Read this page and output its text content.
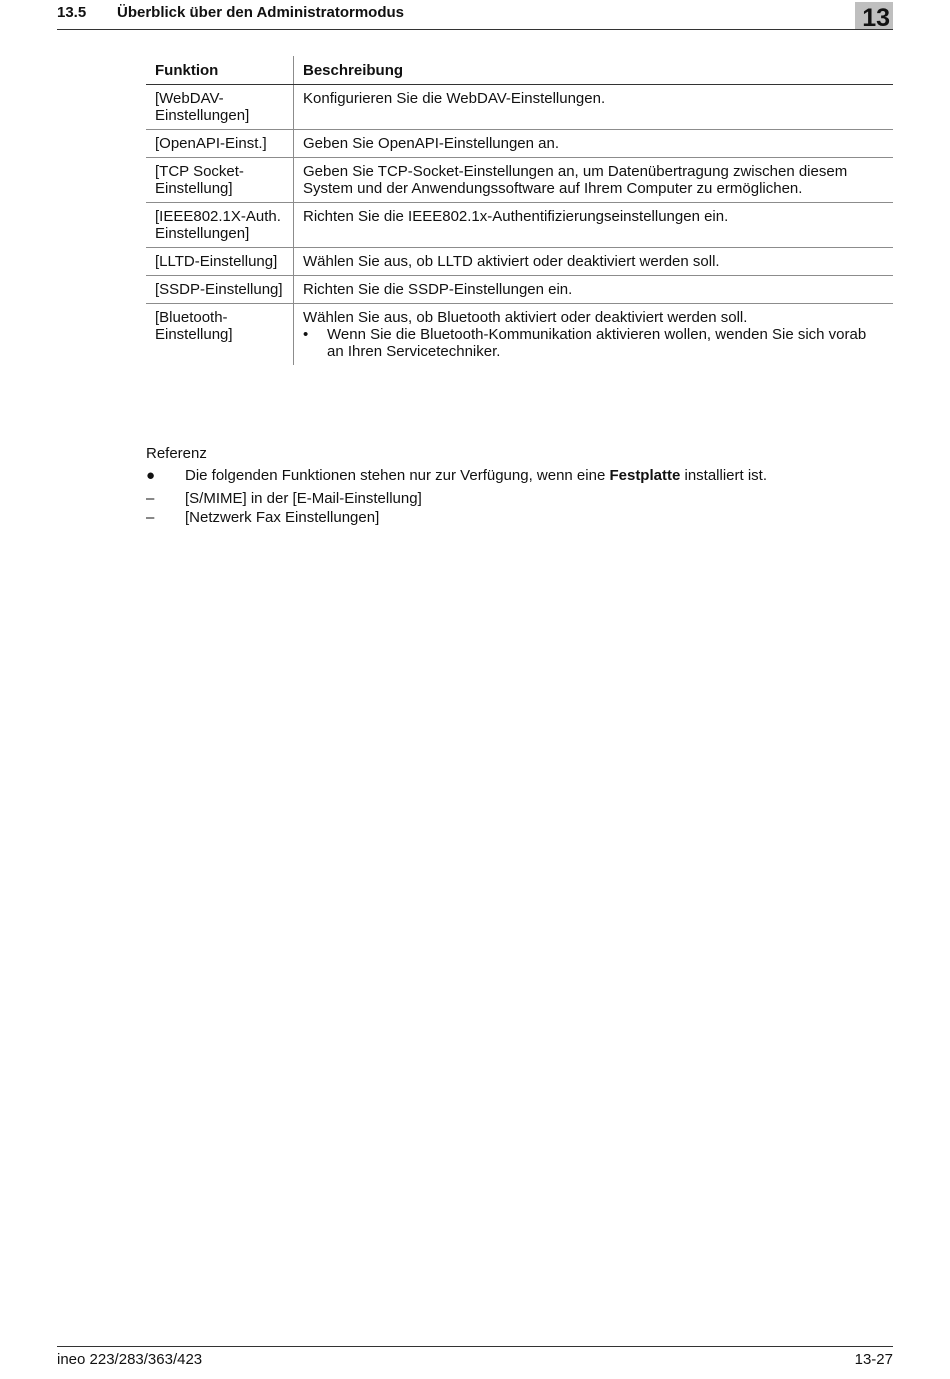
13.5 Überblick über den Administratormodus	13
Funktion	Beschreibung
[WebDAV-Einstellungen]	Konfigurieren Sie die WebDAV-Einstellungen.
[OpenAPI-Einst.]	Geben Sie OpenAPI-Einstellungen an.
[TCP Socket-Einstellung]	Geben Sie TCP-Socket-Einstellungen an, um Datenübertragung zwischen diesem System und der Anwendungssoftware auf Ihrem Computer zu ermöglichen.
[IEEE802.1X-Auth. Einstellungen]	Richten Sie die IEEE802.1x-Authentifizierungseinstellungen ein.
[LLTD-Einstellung]	Wählen Sie aus, ob LLTD aktiviert oder deaktiviert werden soll.
[SSDP-Einstellung]	Richten Sie die SSDP-Einstellungen ein.
[Bluetooth-Einstellung]	Wählen Sie aus, ob Bluetooth aktiviert oder deaktiviert werden soll.
• Wenn Sie die Bluetooth-Kommunikation aktivieren wollen, wenden Sie sich vorab an Ihren Servicetechniker.
Referenz
● Die folgenden Funktionen stehen nur zur Verfügung, wenn eine Festplatte installiert ist.
– [S/MIME] in der [E-Mail-Einstellung]
– [Netzwerk Fax Einstellungen]
ineo 223/283/363/423	13-27
